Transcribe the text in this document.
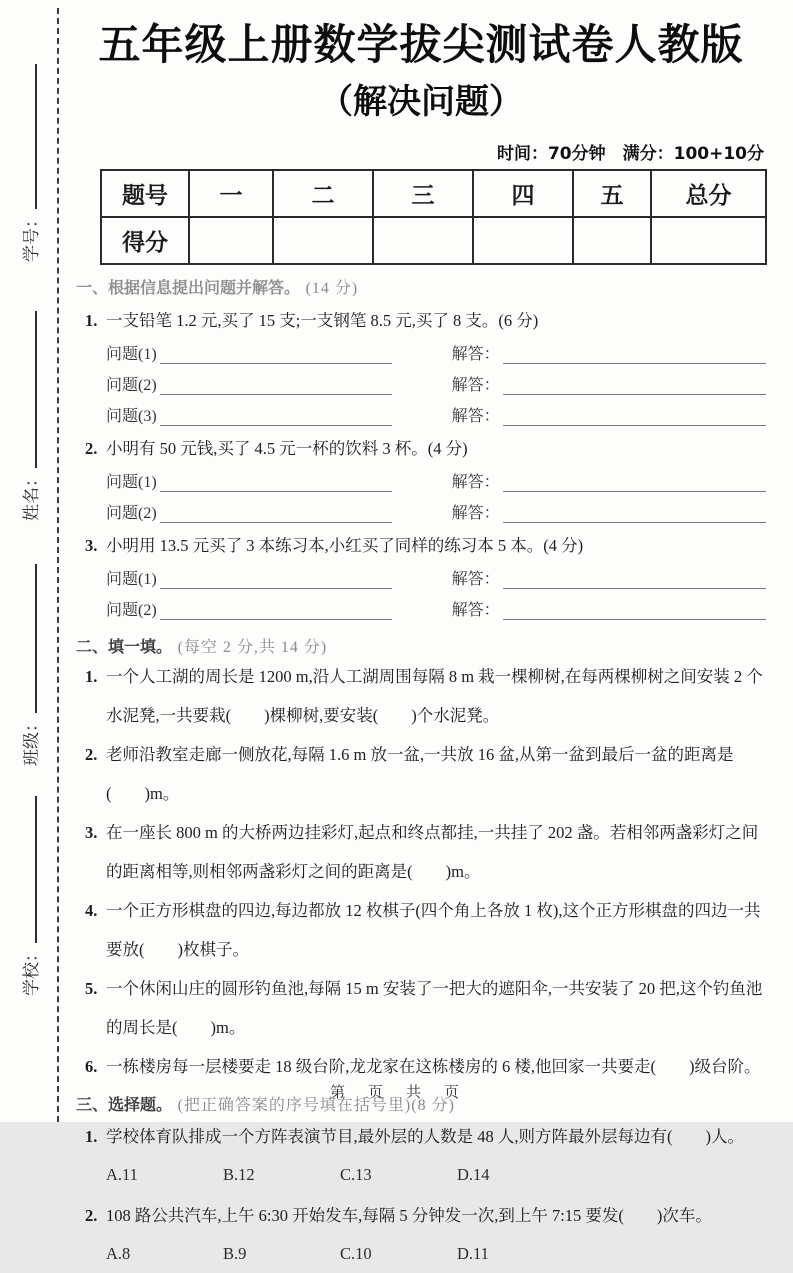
学号：
姓名：
班级：
学校：
五年级上册数学拔尖测试卷人教版
（解决问题）
时间：70分钟　满分：100+10分
题号	一	二	三	四	五	总分
得分						
一、根据信息提出问题并解答。 (14 分)
1. 一支铅笔 1.2 元,买了 15 支;一支钢笔 8.5 元,买了 8 支。(6 分)
问题(1)	解答：
问题(2)	解答：
问题(3)	解答：
2. 小明有 50 元钱,买了 4.5 元一杯的饮料 3 杯。(4 分)
问题(1)	解答：
问题(2)	解答：
3. 小明用 13.5 元买了 3 本练习本,小红买了同样的练习本 5 本。(4 分)
问题(1)	解答：
问题(2)	解答：
二、填一填。 (每空 2 分,共 14 分)
1. 一个人工湖的周长是 1200 m,沿人工湖周围每隔 8 m 栽一棵柳树,在每两棵柳树之间安装 2 个水泥凳,一共要栽(　　)棵柳树,要安装(　　)个水泥凳。
2. 老师沿教室走廊一侧放花,每隔 1.6 m 放一盆,一共放 16 盆,从第一盆到最后一盆的距离是(　　)m。
3. 在一座长 800 m 的大桥两边挂彩灯,起点和终点都挂,一共挂了 202 盏。若相邻两盏彩灯之间的距离相等,则相邻两盏彩灯之间的距离是(　　)m。
4. 一个正方形棋盘的四边,每边都放 12 枚棋子(四个角上各放 1 枚),这个正方形棋盘的四边一共要放(　　)枚棋子。
5. 一个休闲山庄的圆形钓鱼池,每隔 15 m 安装了一把大的遮阳伞,一共安装了 20 把,这个钓鱼池的周长是(　　)m。
6. 一栋楼房每一层楼要走 18 级台阶,龙龙家在这栋楼房的 6 楼,他回家一共要走(　　)级台阶。
三、选择题。 (把正确答案的序号填在括号里)(8 分)
1. 学校体育队排成一个方阵表演节目,最外层的人数是 48 人,则方阵最外层每边有(　　)人。
A.11	B.12	C.13	D.14
2. 108 路公共汽车,上午 6:30 开始发车,每隔 5 分钟发一次,到上午 7:15 要发(　　)次车。
A.8	B.9	C.10	D.11
第　页　共　页
